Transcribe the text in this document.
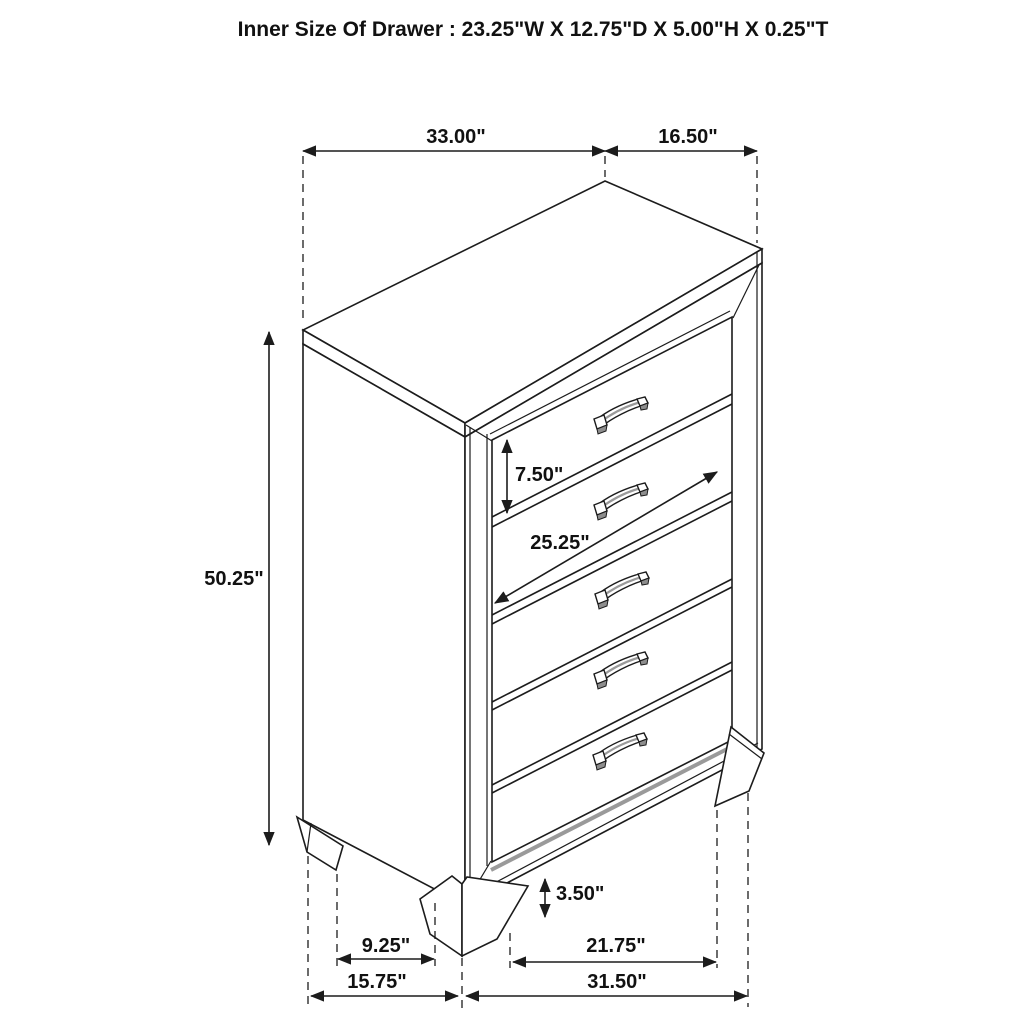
Inner Size Of Drawer : 23.25"W X 12.75"D X 5.00"H X 0.25"T
33.00"	16.50"
50.25"
7.50"
25.25"
3.50"
9.25"	21.75"
15.75"	31.50"
